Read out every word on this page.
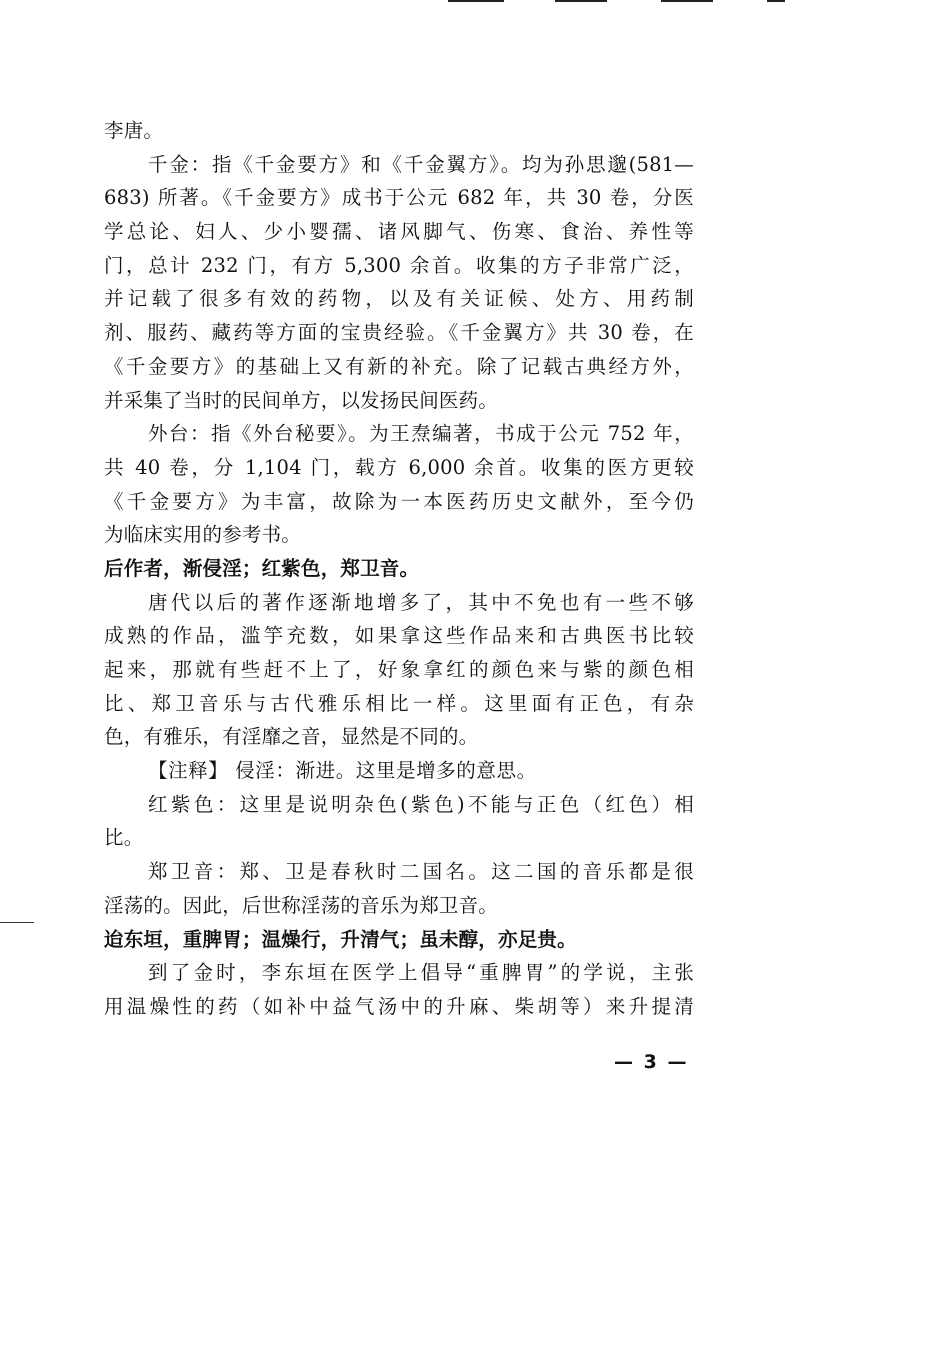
李唐。
千金：指《千金要方》和《千金翼方》。均为孙思邈(581—
683) 所著。《千金要方》成书于公元 682 年，共 30 卷，分医
学总论、妇人、少小婴孺、诸风脚气、伤寒、食治、养性等
门，总计 232 门，有方 5,300 余首。收集的方子非常广泛，
并记载了很多有效的药物，以及有关证候、处方、用药制
剂、服药、藏药等方面的宝贵经验。《千金翼方》共 30 卷，在
《千金要方》的基础上又有新的补充。除了记载古典经方外，
并采集了当时的民间单方，以发扬民间医药。
外台：指《外台秘要》。为王焘编著，书成于公元 752 年，
共 40 卷，分 1,104 门，载方 6,000 余首。收集的医方更较
《千金要方》为丰富，故除为一本医药历史文献外，至今仍
为临床实用的参考书。
后作者，渐侵淫；红紫色，郑卫音。
唐代以后的著作逐渐地增多了，其中不免也有一些不够
成熟的作品，滥竽充数，如果拿这些作品来和古典医书比较
起来，那就有些赶不上了，好象拿红的颜色来与紫的颜色相
比、郑卫音乐与古代雅乐相比一样。这里面有正色，有杂
色，有雅乐，有淫靡之音，显然是不同的。
【注释】 侵淫：渐进。这里是增多的意思。
红紫色：这里是说明杂色(紫色)不能与正色（红色）相
比。
郑卫音：郑、卫是春秋时二国名。这二国的音乐都是很
淫荡的。因此，后世称淫荡的音乐为郑卫音。
迨东垣，重脾胃；温燥行，升清气；虽未醇，亦足贵。
到了金时，李东垣在医学上倡导“重脾胃”的学说，主张
用温燥性的药（如补中益气汤中的升麻、柴胡等）来升提清
— 3 —
